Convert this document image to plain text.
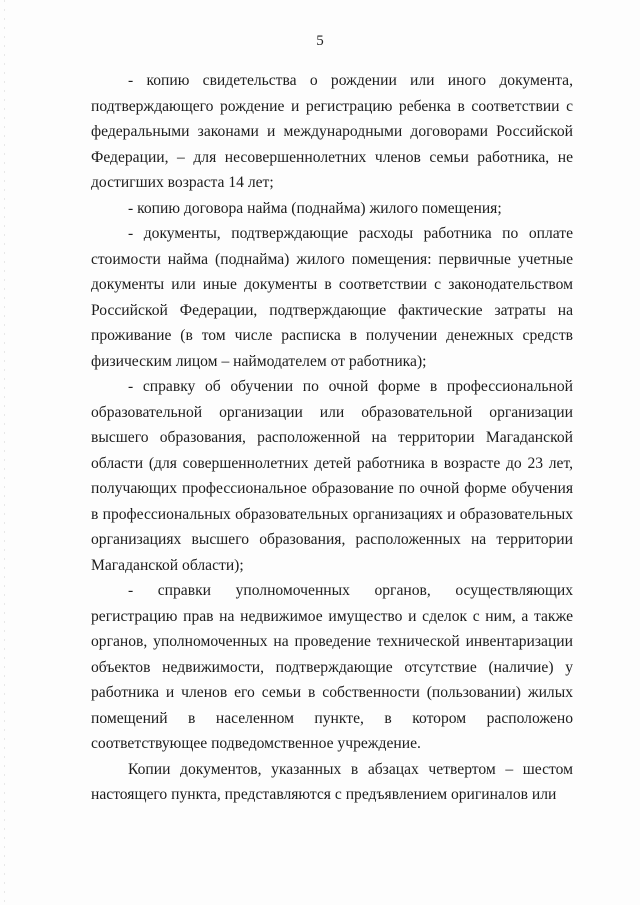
5

- копию свидетельства о рождении или иного документа, подтверждающего рождение и регистрацию ребенка в соответствии с федеральными законами и международными договорами Российской Федерации, – для несовершеннолетних членов семьи работника, не достигших возраста 14 лет;

- копию договора найма (поднайма) жилого помещения;

- документы, подтверждающие расходы работника по оплате стоимости найма (поднайма) жилого помещения: первичные учетные документы или иные документы в соответствии с законодательством Российской Федерации, подтверждающие фактические затраты на проживание (в том числе расписка в получении денежных средств физическим лицом – наймодателем от работника);

- справку об обучении по очной форме в профессиональной образовательной организации или образовательной организации высшего образования, расположенной на территории Магаданской области (для совершеннолетних детей работника в возрасте до 23 лет, получающих профессиональное образование по очной форме обучения в профессиональных образовательных организациях и образовательных организациях высшего образования, расположенных на территории Магаданской области);

- справки уполномоченных органов, осуществляющих регистрацию прав на недвижимое имущество и сделок с ним, а также органов, уполномоченных на проведение технической инвентаризации объектов недвижимости, подтверждающие отсутствие (наличие) у работника и членов его семьи в собственности (пользовании) жилых помещений в населенном пункте, в котором расположено соответствующее подведомственное учреждение.

Копии документов, указанных в абзацах четвертом – шестом настоящего пункта, представляются с предъявлением оригиналов или
